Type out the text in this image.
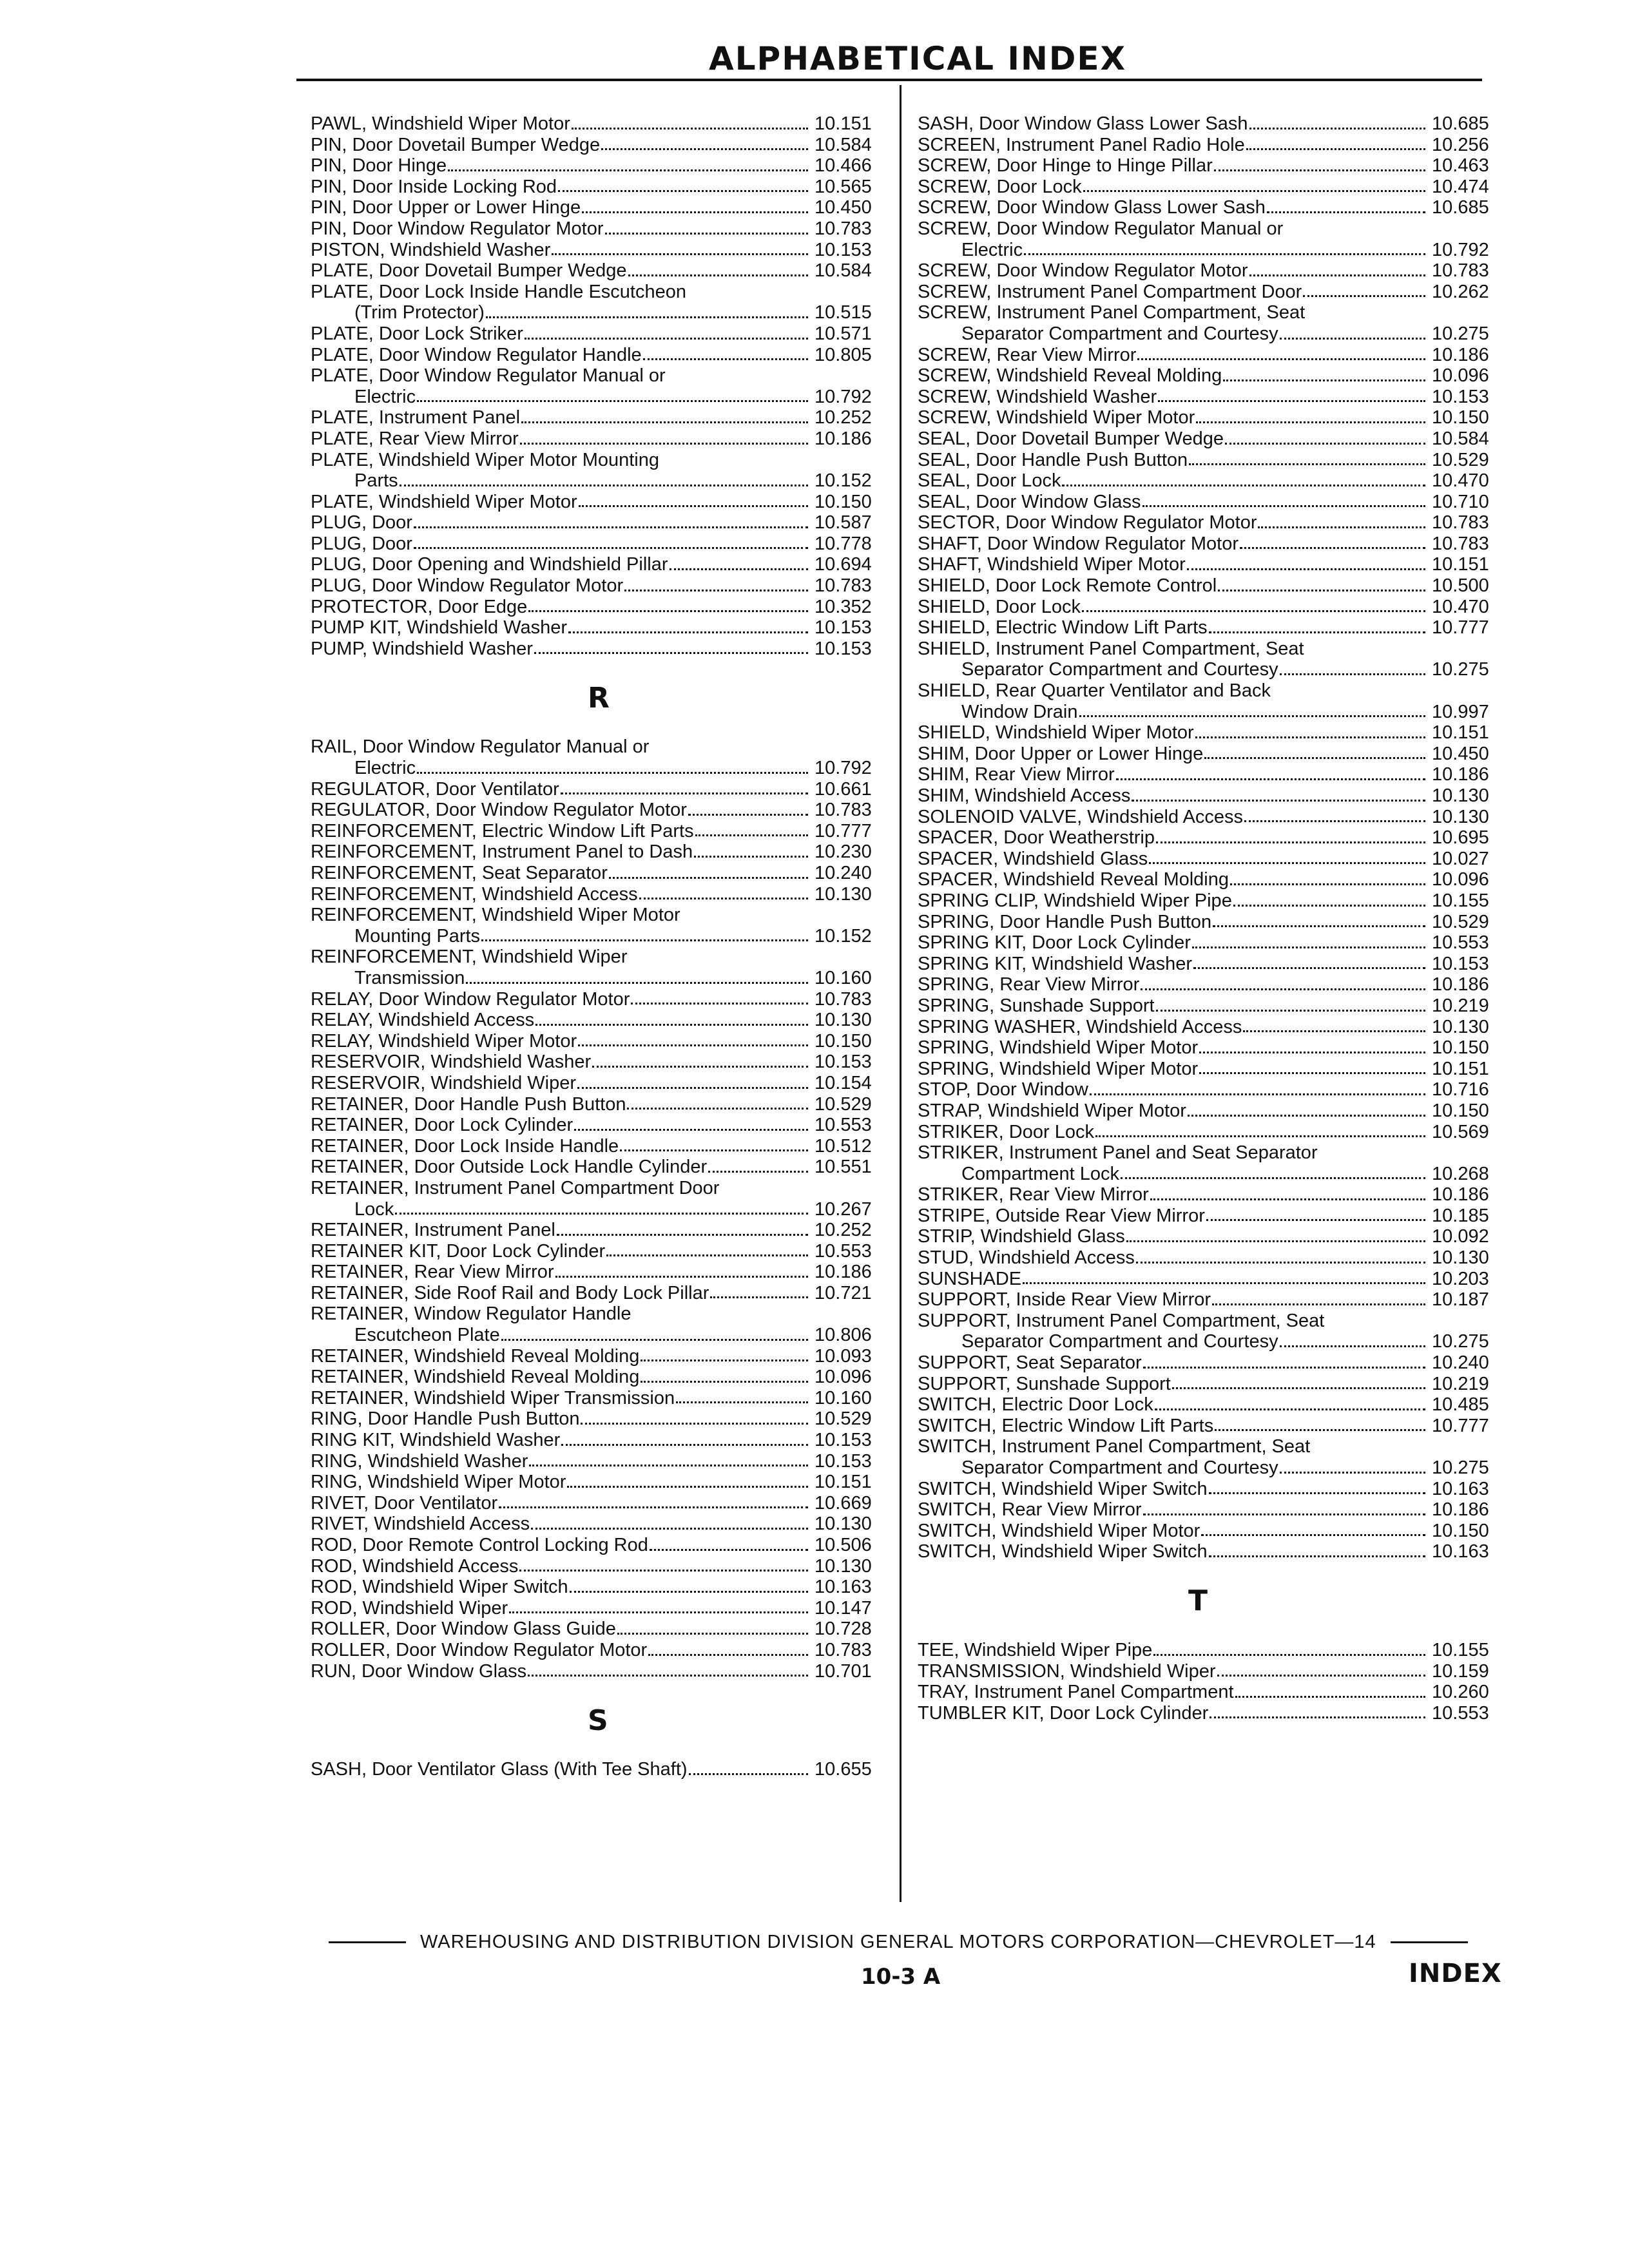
ALPHABETICAL INDEX
PAWL, Windshield Wiper Motor	10.151
PIN, Door Dovetail Bumper Wedge	10.584
PIN, Door Hinge	10.466
PIN, Door Inside Locking Rod	10.565
PIN, Door Upper or Lower Hinge	10.450
PIN, Door Window Regulator Motor	10.783
PISTON, Windshield Washer	10.153
PLATE, Door Dovetail Bumper Wedge	10.584
PLATE, Door Lock Inside Handle Escutcheon
(Trim Protector)	10.515
PLATE, Door Lock Striker	10.571
PLATE, Door Window Regulator Handle	10.805
PLATE, Door Window Regulator Manual or
Electric	10.792
PLATE, Instrument Panel	10.252
PLATE, Rear View Mirror	10.186
PLATE, Windshield Wiper Motor Mounting
Parts	10.152
PLATE, Windshield Wiper Motor	10.150
PLUG, Door	10.587
PLUG, Door	10.778
PLUG, Door Opening and Windshield Pillar	10.694
PLUG, Door Window Regulator Motor	10.783
PROTECTOR, Door Edge	10.352
PUMP KIT, Windshield Washer	10.153
PUMP, Windshield Washer	10.153
R
RAIL, Door Window Regulator Manual or
Electric	10.792
REGULATOR, Door Ventilator	10.661
REGULATOR, Door Window Regulator Motor	10.783
REINFORCEMENT, Electric Window Lift Parts	10.777
REINFORCEMENT, Instrument Panel to Dash	10.230
REINFORCEMENT, Seat Separator	10.240
REINFORCEMENT, Windshield Access	10.130
REINFORCEMENT, Windshield Wiper Motor
Mounting Parts	10.152
REINFORCEMENT, Windshield Wiper
Transmission	10.160
RELAY, Door Window Regulator Motor	10.783
RELAY, Windshield Access	10.130
RELAY, Windshield Wiper Motor	10.150
RESERVOIR, Windshield Washer	10.153
RESERVOIR, Windshield Wiper	10.154
RETAINER, Door Handle Push Button	10.529
RETAINER, Door Lock Cylinder	10.553
RETAINER, Door Lock Inside Handle	10.512
RETAINER, Door Outside Lock Handle Cylinder	10.551
RETAINER, Instrument Panel Compartment Door
Lock	10.267
RETAINER, Instrument Panel	10.252
RETAINER KIT, Door Lock Cylinder	10.553
RETAINER, Rear View Mirror	10.186
RETAINER, Side Roof Rail and Body Lock Pillar	10.721
RETAINER, Window Regulator Handle
Escutcheon Plate	10.806
RETAINER, Windshield Reveal Molding	10.093
RETAINER, Windshield Reveal Molding	10.096
RETAINER, Windshield Wiper Transmission	10.160
RING, Door Handle Push Button	10.529
RING KIT, Windshield Washer	10.153
RING, Windshield Washer	10.153
RING, Windshield Wiper Motor	10.151
RIVET, Door Ventilator	10.669
RIVET, Windshield Access	10.130
ROD, Door Remote Control Locking Rod	10.506
ROD, Windshield Access	10.130
ROD, Windshield Wiper Switch	10.163
ROD, Windshield Wiper	10.147
ROLLER, Door Window Glass Guide	10.728
ROLLER, Door Window Regulator Motor	10.783
RUN, Door Window Glass	10.701
S
SASH, Door Ventilator Glass (With Tee Shaft)	10.655
SASH, Door Window Glass Lower Sash	10.685
SCREEN, Instrument Panel Radio Hole	10.256
SCREW, Door Hinge to Hinge Pillar	10.463
SCREW, Door Lock	10.474
SCREW, Door Window Glass Lower Sash	10.685
SCREW, Door Window Regulator Manual or
Electric	10.792
SCREW, Door Window Regulator Motor	10.783
SCREW, Instrument Panel Compartment Door	10.262
SCREW, Instrument Panel Compartment, Seat
Separator Compartment and Courtesy	10.275
SCREW, Rear View Mirror	10.186
SCREW, Windshield Reveal Molding	10.096
SCREW, Windshield Washer	10.153
SCREW, Windshield Wiper Motor	10.150
SEAL, Door Dovetail Bumper Wedge	10.584
SEAL, Door Handle Push Button	10.529
SEAL, Door Lock	10.470
SEAL, Door Window Glass	10.710
SECTOR, Door Window Regulator Motor	10.783
SHAFT, Door Window Regulator Motor	10.783
SHAFT, Windshield Wiper Motor	10.151
SHIELD, Door Lock Remote Control	10.500
SHIELD, Door Lock	10.470
SHIELD, Electric Window Lift Parts	10.777
SHIELD, Instrument Panel Compartment, Seat
Separator Compartment and Courtesy	10.275
SHIELD, Rear Quarter Ventilator and Back
Window Drain	10.997
SHIELD, Windshield Wiper Motor	10.151
SHIM, Door Upper or Lower Hinge	10.450
SHIM, Rear View Mirror	10.186
SHIM, Windshield Access	10.130
SOLENOID VALVE, Windshield Access	10.130
SPACER, Door Weatherstrip	10.695
SPACER, Windshield Glass	10.027
SPACER, Windshield Reveal Molding	10.096
SPRING CLIP, Windshield Wiper Pipe	10.155
SPRING, Door Handle Push Button	10.529
SPRING KIT, Door Lock Cylinder	10.553
SPRING KIT, Windshield Washer	10.153
SPRING, Rear View Mirror	10.186
SPRING, Sunshade Support	10.219
SPRING WASHER, Windshield Access	10.130
SPRING, Windshield Wiper Motor	10.150
SPRING, Windshield Wiper Motor	10.151
STOP, Door Window	10.716
STRAP, Windshield Wiper Motor	10.150
STRIKER, Door Lock	10.569
STRIKER, Instrument Panel and Seat Separator
Compartment Lock	10.268
STRIKER, Rear View Mirror	10.186
STRIPE, Outside Rear View Mirror	10.185
STRIP, Windshield Glass	10.092
STUD, Windshield Access	10.130
SUNSHADE	10.203
SUPPORT, Inside Rear View Mirror	10.187
SUPPORT, Instrument Panel Compartment, Seat
Separator Compartment and Courtesy	10.275
SUPPORT, Seat Separator	10.240
SUPPORT, Sunshade Support	10.219
SWITCH, Electric Door Lock	10.485
SWITCH, Electric Window Lift Parts	10.777
SWITCH, Instrument Panel Compartment, Seat
Separator Compartment and Courtesy	10.275
SWITCH, Windshield Wiper Switch	10.163
SWITCH, Rear View Mirror	10.186
SWITCH, Windshield Wiper Motor	10.150
SWITCH, Windshield Wiper Switch	10.163
T
TEE, Windshield Wiper Pipe	10.155
TRANSMISSION, Windshield Wiper	10.159
TRAY, Instrument Panel Compartment	10.260
TUMBLER KIT, Door Lock Cylinder	10.553
WAREHOUSING AND DISTRIBUTION DIVISION GENERAL MOTORS CORPORATION—CHEVROLET—14
10-3 A	INDEX
